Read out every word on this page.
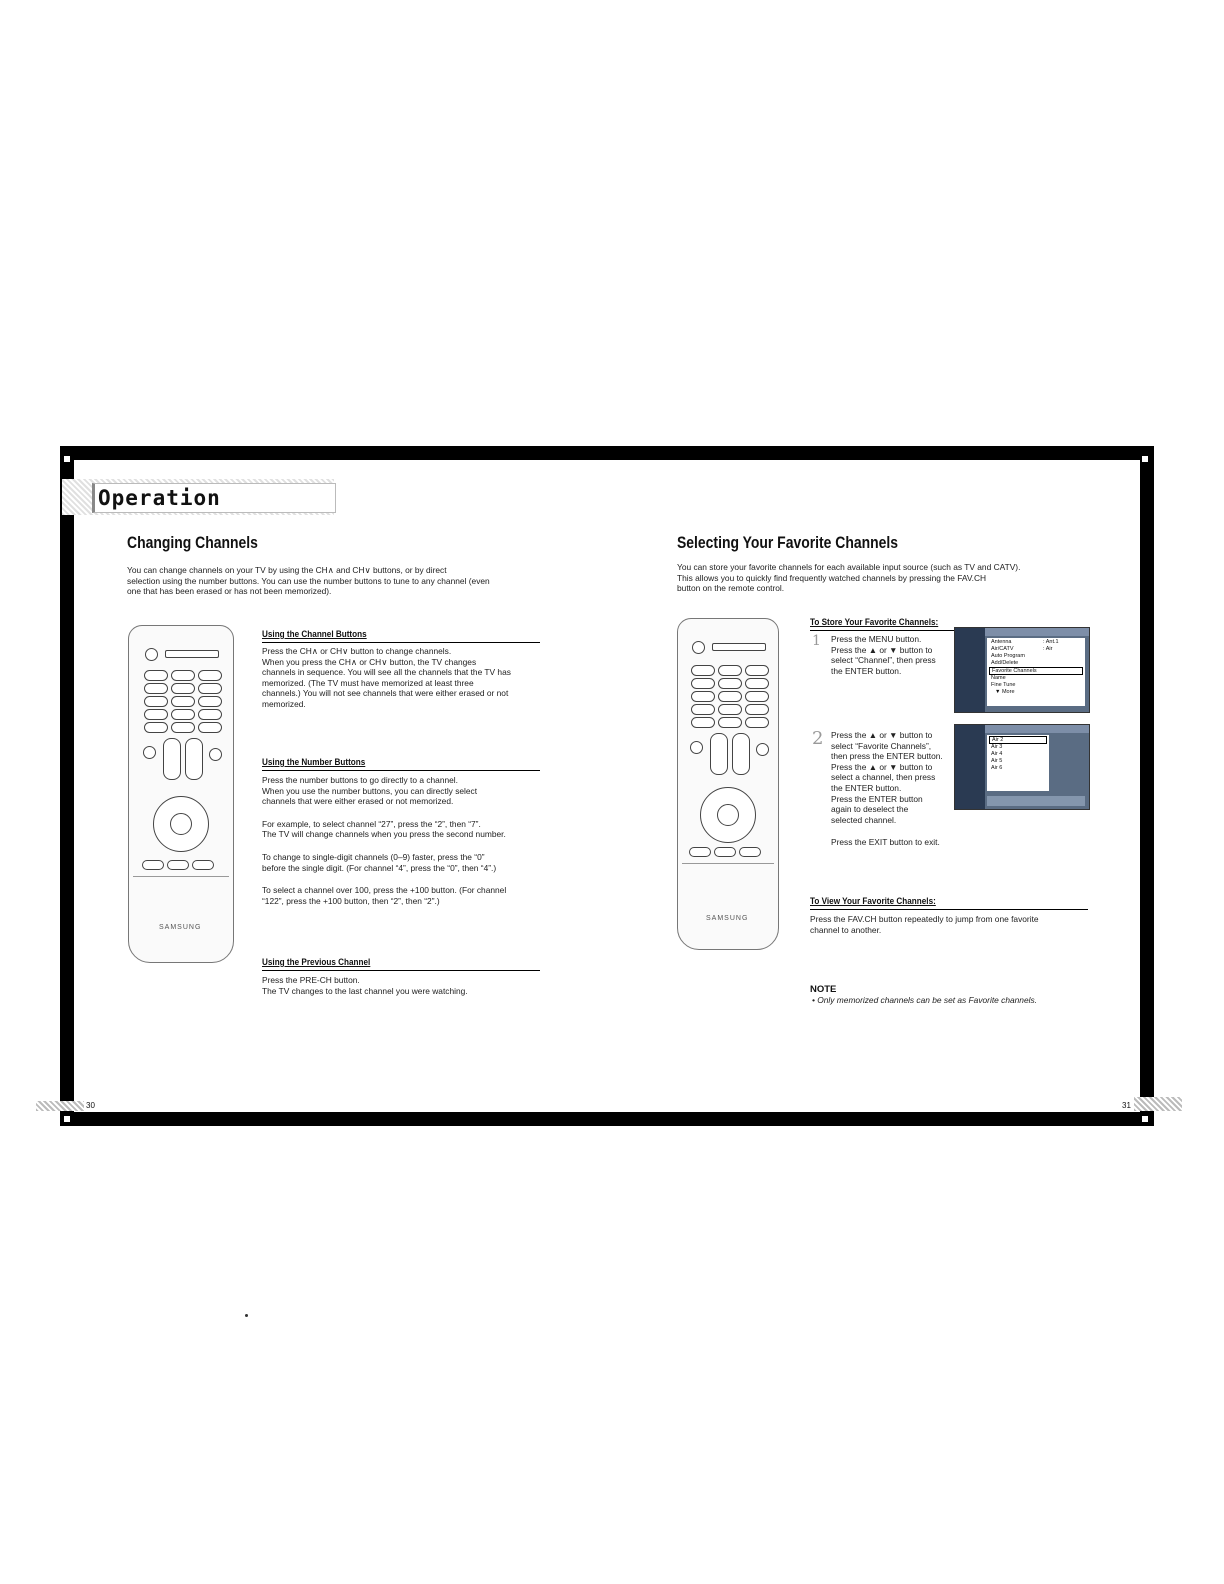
Operation
Changing Channels
You can change channels on your TV by using the CH∧ and CH∨ buttons, or by direct
selection using the number buttons. You can use the number buttons to tune to any channel (even
one that has been erased or has not been memorized).
SAMSUNG
Using the Channel Buttons
Press the CH∧ or CH∨ button to change channels.
When you press the CH∧ or CH∨ button, the TV changes
channels in sequence. You will see all the channels that the TV has
memorized. (The TV must have memorized at least three
channels.) You will not see channels that were either erased or not
memorized.
Using the Number Buttons
Press the number buttons to go directly to a channel.
When you use the number buttons, you can directly select
channels that were either erased or not memorized.
For example, to select channel “27”, press the “2”, then “7”.
The TV will change channels when you press the second number.
To change to single-digit channels (0–9) faster, press the “0”
before the single digit. (For channel “4”, press the “0”, then “4”.)
To select a channel over 100, press the +100 button. (For channel
“122”, press the +100 button, then “2”, then “2”.)
Using the Previous Channel
Press the PRE-CH button.
The TV changes to the last channel you were watching.
30
Selecting Your Favorite Channels
You can store your favorite channels for each available input source (such as TV and CATV).
This allows you to quickly find frequently watched channels by pressing the FAV.CH
button on the remote control.
SAMSUNG
To Store Your Favorite Channels:
1 Press the MENU button.
Press the ▲ or ▼ button to
select “Channel”, then press
the ENTER button.
Antenna	: Ant.1
Air/CATV	: Air
Auto Program
Add/Delete
Favorite Channels
Name
Fine Tune
▼ More
2 Press the ▲ or ▼ button to
select “Favorite Channels”,
then press the ENTER button.
Press the ▲ or ▼ button to
select a channel, then press
the ENTER button.
Press the ENTER button
again to deselect the
selected channel.
Press the EXIT button to exit.
Air 2
Air 3
Air 4
Air 5
Air 6
To View Your Favorite Channels:
Press the FAV.CH button repeatedly to jump from one favorite
channel to another.
NOTE
• Only memorized channels can be set as Favorite channels.
31
